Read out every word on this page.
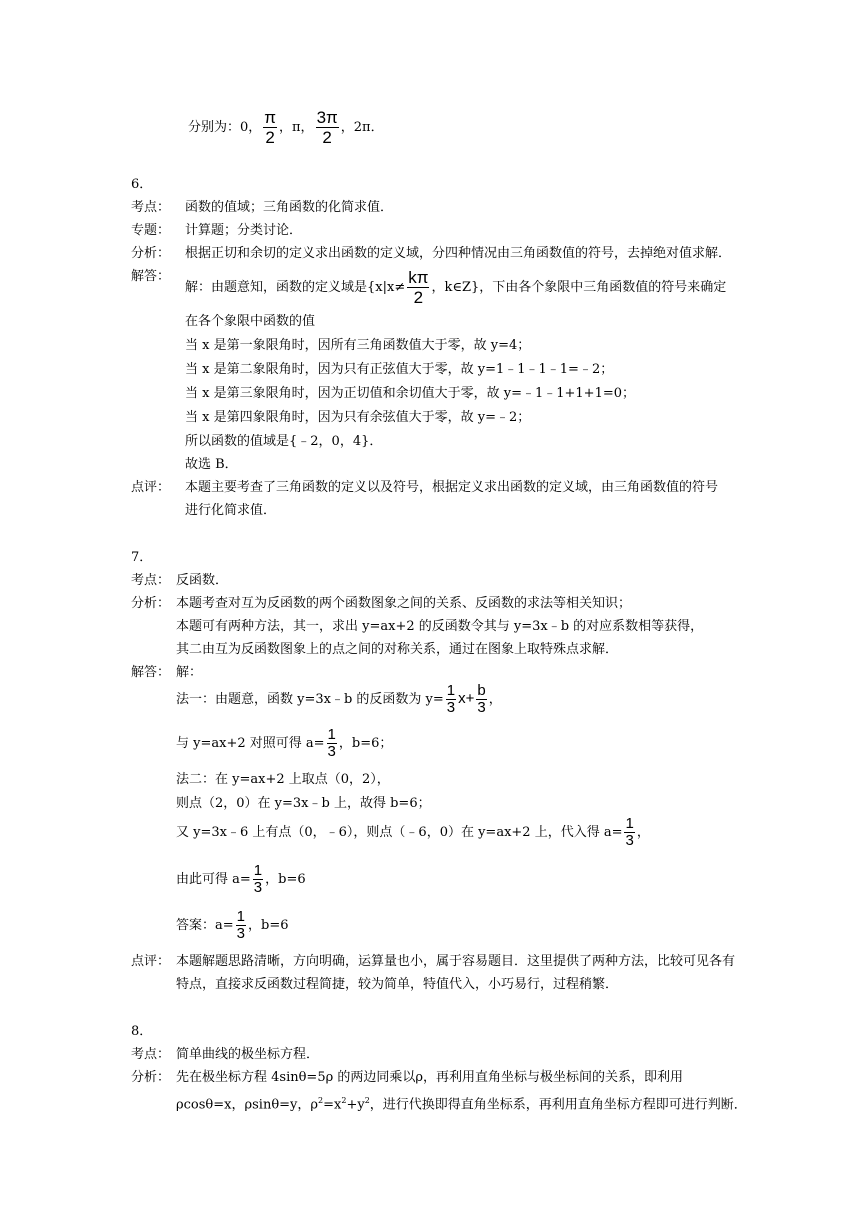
分别为：0， $\frac{\pi}{2}$ ，π， $\frac{3\pi}{2}$ ，2π．
6．
考点： 函数的值域；三角函数的化简求值．
专题： 计算题；分类讨论．
分析： 根据正切和余切的定义求出函数的定义域，分四种情况由三角函数值的符号，去掉绝对值求解．
解答：
解：由题意知，函数的定义域是{$x|x\ne \frac{k\pi}{2}$ ，k∈Z}，下由各个象限中三角函数值的符号来确定
在各个象限中函数的值
当 x 是第一象限角时，因所有三角函数值大于零，故 y=4；
当 x 是第二象限角时，因为只有正弦值大于零，故 y=1﹣1﹣1﹣1=﹣2；
当 x 是第三象限角时，因为正切值和余切值大于零，故 y=﹣1﹣1+1+1=0；
当 x 是第四象限角时，因为只有余弦值大于零，故 y=﹣2；
所以函数的值域是{﹣2，0，4}．
故选 B．
点评： 本题主要考查了三角函数的定义以及符号，根据定义求出函数的定义域，由三角函数值的符号
进行化简求值．
7．
考点： 反函数．
分析： 本题考查对互为反函数的两个函数图象之间的关系、反函数的求法等相关知识；
本题可有两种方法，其一，求出 y=ax+2 的反函数令其与 y=3x﹣b 的对应系数相等获得，
其二由互为反函数图象上的点之间的对称关系，通过在图象上取特殊点求解．
解答： 解：
法一：由题意，函数 y=3x﹣b 的反函数为 $y= \frac{1}{3} x+ \frac{b}{3}$ ，
与 y=ax+2 对照可得 $a= \frac{1}{3}$ ，b=6；
法二：在 y=ax+2 上取点（0，2），
则点（2，0）在 y=3x﹣b 上，故得 b=6；
又 y=3x﹣6 上有点（0，﹣6），则点（﹣6，0）在 y=ax+2 上，代入得 $a= \frac{1}{3}$ ，
由此可得 $a= \frac{1}{3}$ ，b=6
答案：$a= \frac{1}{3}$ ，b=6
点评： 本题解题思路清晰，方向明确，运算量也小，属于容易题目．这里提供了两种方法，比较可见各有
特点，直接求反函数过程简捷，较为简单，特值代入，小巧易行，过程稍繁．
8．
考点： 简单曲线的极坐标方程．
分析： 先在极坐标方程 4sinθ=5ρ 的两边同乘以ρ，再利用直角坐标与极坐标间的关系，即利用
ρcosθ=x，ρsinθ=y，$\rho^2=x^2+y^2$，进行代换即得直角坐标系，再利用直角坐标方程即可进行判断．
